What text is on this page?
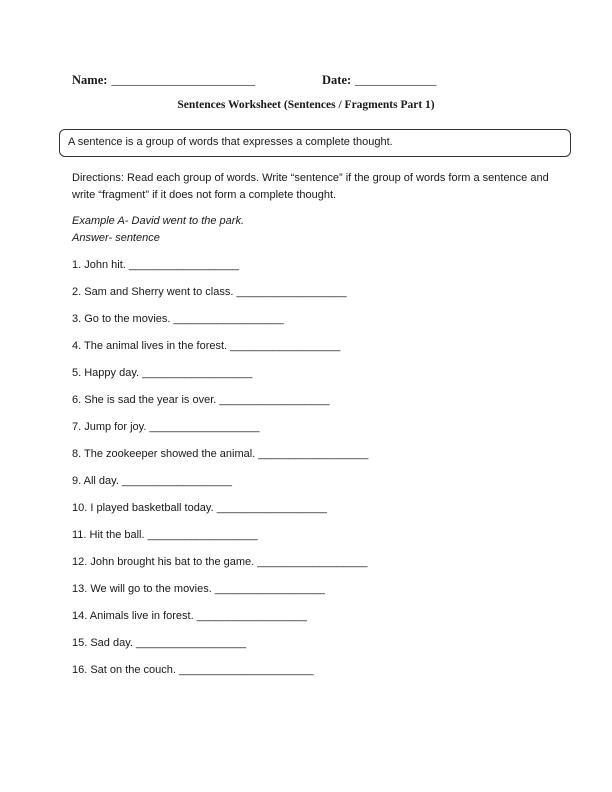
Name: _______________________	Date: _____________
Sentences Worksheet (Sentences / Fragments Part 1)
A sentence is a group of words that expresses a complete thought.
Directions: Read each group of words. Write “sentence” if the group of words form a sentence and write “fragment” if it does not form a complete thought.
Example A- David went to the park.
Answer- sentence
1. John hit. __________________
2. Sam and Sherry went to class. __________________
3. Go to the movies. __________________
4. The animal lives in the forest. __________________
5. Happy day. __________________
6. She is sad the year is over. __________________
7. Jump for joy. __________________
8. The zookeeper showed the animal. __________________
9. All day. __________________
10. I played basketball today. __________________
11. Hit the ball. __________________
12. John brought his bat to the game. __________________
13. We will go to the movies. __________________
14. Animals live in forest. __________________
15. Sad day. __________________
16. Sat on the couch. ______________________
